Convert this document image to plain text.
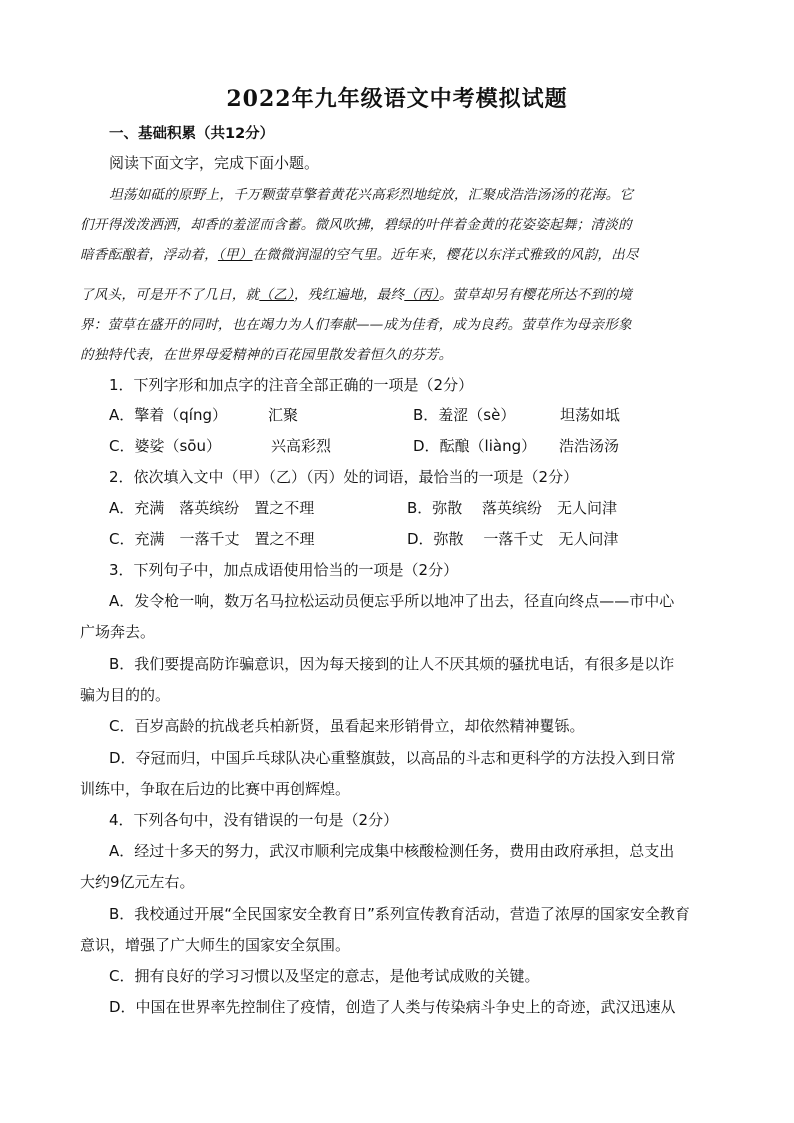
2022年九年级语文中考模拟试题
一、基础积累（共12分）
阅读下面文字，完成下面小题。
坦荡如砥的原野上，千万颗萤草擎着黄花兴高彩烈地绽放，汇聚成浩浩汤汤的花海。它
们开得泼泼洒洒，却香的羞涩而含蓄。微风吹拂，碧绿的叶伴着金黄的花姿姿起舞；清淡的
暗香酝酿着，浮动着，（甲）在微微润湿的空气里。近年来，樱花以东洋式雅致的风韵，出尽
了风头，可是开不了几日，就（乙），残红遍地，最终（丙）。萤草却另有樱花所达不到的境
界：萤草在盛开的同时，也在竭力为人们奉献——成为佳肴，成为良药。萤草作为母亲形象
的独特代表，在世界母爱精神的百花园里散发着恒久的芬芳。
1．下列字形和加点字的注音全部正确的一项是（2分）
A．擎着（qíng）	汇聚	B．羞涩（sè）	坦荡如坻
C．婆娑（sōu）	兴高彩烈	D．酝酿（liàng） 浩浩汤汤
2．依次填入文中（甲）（乙）（丙）处的词语，最恰当的一项是（2分）
A．充满　落英缤纷　置之不理	B．弥散　 落英缤纷　无人问津
C．充满　一落千丈　置之不理	D．弥散　 一落千丈　无人问津
3．下列句子中，加点成语使用恰当的一项是（2分）
A．发令枪一响，数万名马拉松运动员便忘乎所以地冲了出去，径直向终点——市中心
广场奔去。
B．我们要提高防诈骗意识，因为每天接到的让人不厌其烦的骚扰电话，有很多是以诈
骗为目的的。
C．百岁高龄的抗战老兵柏新贤，虽看起来形销骨立，却依然精神矍铄。
D．夺冠而归，中国乒乓球队决心重整旗鼓，以高品的斗志和更科学的方法投入到日常
训练中，争取在后边的比赛中再创辉煌。
4．下列各句中，没有错误的一句是（2分）
A．经过十多天的努力，武汉市顺利完成集中核酸检测任务，费用由政府承担，总支出
大约9亿元左右。
B．我校通过开展“全民国家安全教育日”系列宣传教育活动，营造了浓厚的国家安全教育
意识，增强了广大师生的国家安全氛围。
C．拥有良好的学习习惯以及坚定的意志，是他考试成败的关键。
D．中国在世界率先控制住了疫情，创造了人类与传染病斗争史上的奇迹，武汉迅速从
